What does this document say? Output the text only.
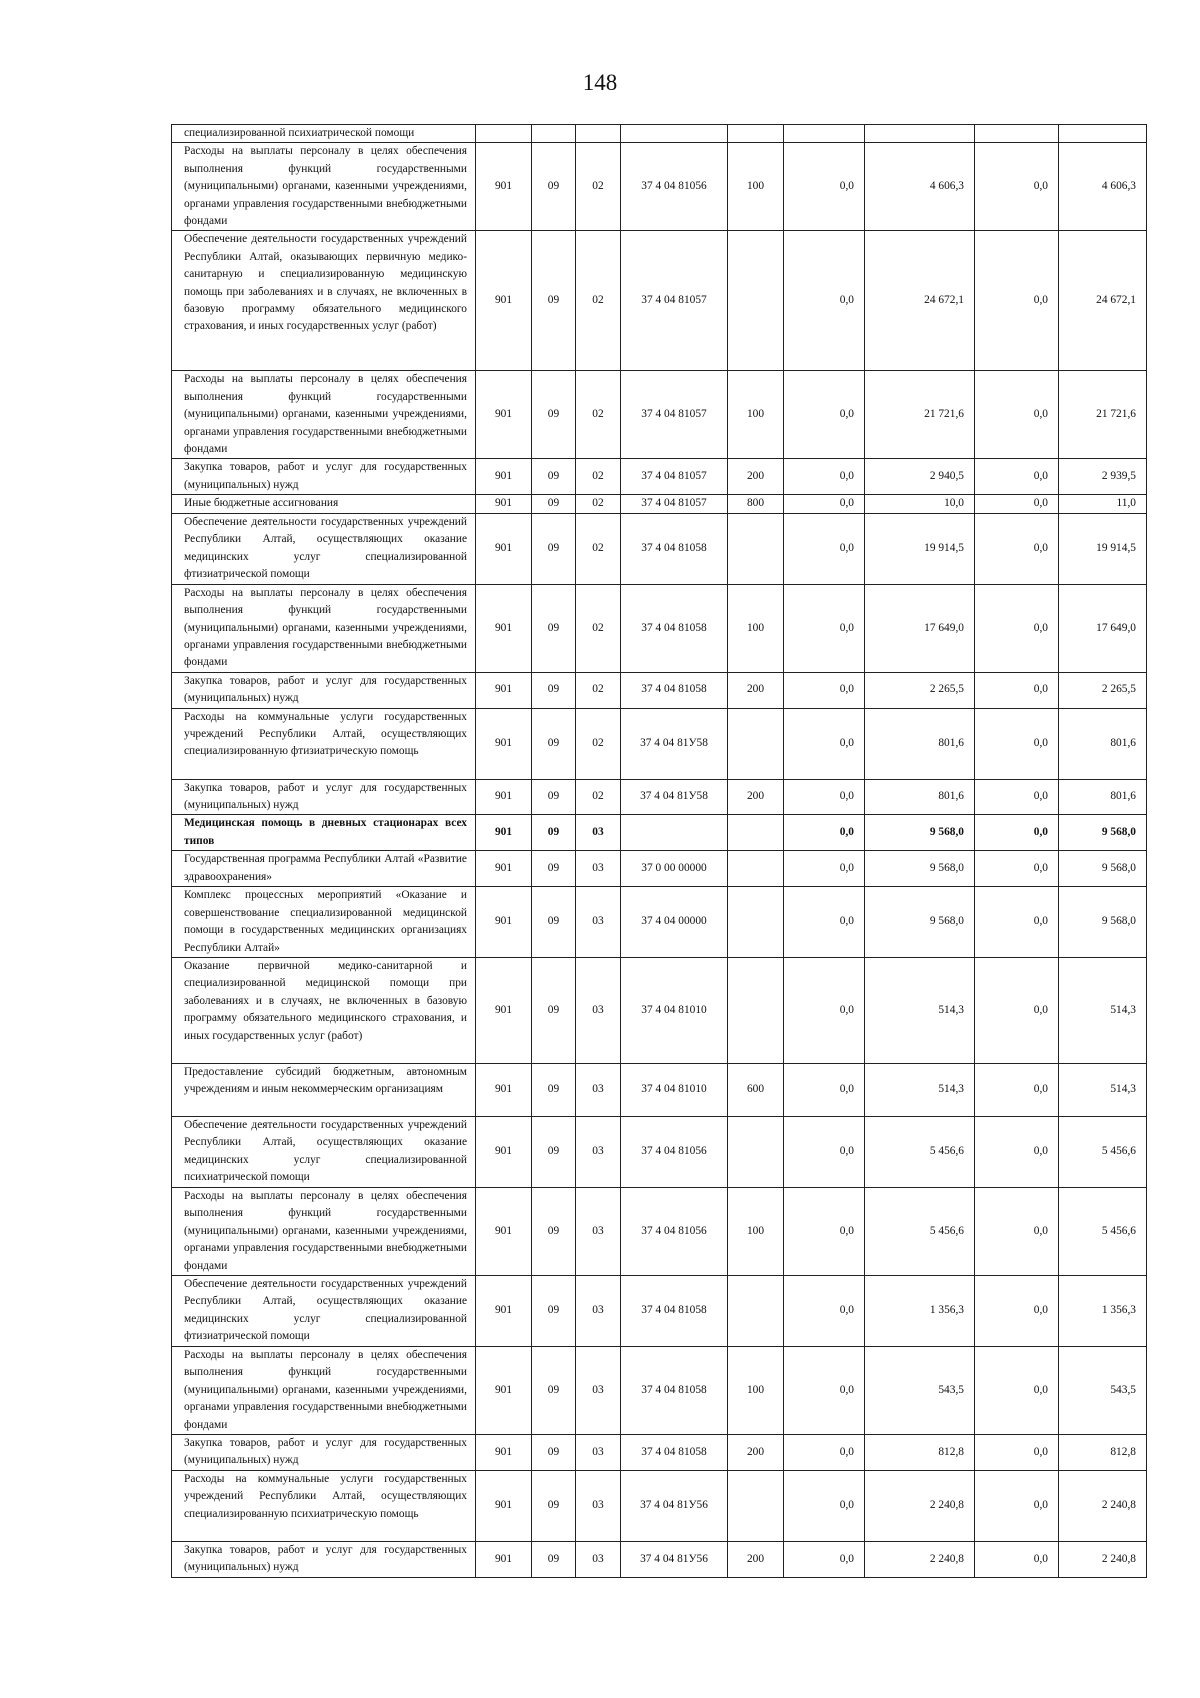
148
специализированной психиатрической помощи									
Расходы на выплаты персоналу в целях обеспечения выполнения функций государственными (муниципальными) органами, казенными учреждениями, органами управления государственными внебюджетными фондами	901	09	02	37 4 04 81056	100	0,0	4 606,3	0,0	4 606,3
Обеспечение деятельности государственных учреждений Республики Алтай, оказывающих первичную медико-санитарную и специализированную медицинскую помощь при заболеваниях и в случаях, не включенных в базовую программу обязательного медицинского страхования, и иных государственных услуг (работ)	901	09	02	37 4 04 81057		0,0	24 672,1	0,0	24 672,1
Расходы на выплаты персоналу в целях обеспечения выполнения функций государственными (муниципальными) органами, казенными учреждениями, органами управления государственными внебюджетными фондами	901	09	02	37 4 04 81057	100	0,0	21 721,6	0,0	21 721,6
Закупка товаров, работ и услуг для государственных (муниципальных) нужд	901	09	02	37 4 04 81057	200	0,0	2 940,5	0,0	2 939,5
Иные бюджетные ассигнования	901	09	02	37 4 04 81057	800	0,0	10,0	0,0	11,0
Обеспечение деятельности государственных учреждений Республики Алтай, осуществляющих оказание медицинских услуг специализированной фтизиатрической помощи	901	09	02	37 4 04 81058		0,0	19 914,5	0,0	19 914,5
Расходы на выплаты персоналу в целях обеспечения выполнения функций государственными (муниципальными) органами, казенными учреждениями, органами управления государственными внебюджетными фондами	901	09	02	37 4 04 81058	100	0,0	17 649,0	0,0	17 649,0
Закупка товаров, работ и услуг для государственных (муниципальных) нужд	901	09	02	37 4 04 81058	200	0,0	2 265,5	0,0	2 265,5
Расходы на коммунальные услуги государственных учреждений Республики Алтай, осуществляющих специализированную фтизиатрическую помощь	901	09	02	37 4 04 81У58		0,0	801,6	0,0	801,6
Закупка товаров, работ и услуг для государственных (муниципальных) нужд	901	09	02	37 4 04 81У58	200	0,0	801,6	0,0	801,6
Медицинская помощь в дневных стационарах всех типов	901	09	03			0,0	9 568,0	0,0	9 568,0
Государственная программа Республики Алтай «Развитие здравоохранения»	901	09	03	37 0 00 00000		0,0	9 568,0	0,0	9 568,0
Комплекс процессных мероприятий «Оказание и совершенствование специализированной медицинской помощи в государственных медицинских организациях Республики Алтай»	901	09	03	37 4 04 00000		0,0	9 568,0	0,0	9 568,0
Оказание первичной медико-санитарной и специализированной медицинской помощи при заболеваниях и в случаях, не включенных в базовую программу обязательного медицинского страхования, и иных государственных услуг (работ)	901	09	03	37 4 04 81010		0,0	514,3	0,0	514,3
Предоставление субсидий бюджетным, автономным учреждениям и иным некоммерческим организациям	901	09	03	37 4 04 81010	600	0,0	514,3	0,0	514,3
Обеспечение деятельности государственных учреждений Республики Алтай, осуществляющих оказание медицинских услуг специализированной психиатрической помощи	901	09	03	37 4 04 81056		0,0	5 456,6	0,0	5 456,6
Расходы на выплаты персоналу в целях обеспечения выполнения функций государственными (муниципальными) органами, казенными учреждениями, органами управления государственными внебюджетными фондами	901	09	03	37 4 04 81056	100	0,0	5 456,6	0,0	5 456,6
Обеспечение деятельности государственных учреждений Республики Алтай, осуществляющих оказание медицинских услуг специализированной фтизиатрической помощи	901	09	03	37 4 04 81058		0,0	1 356,3	0,0	1 356,3
Расходы на выплаты персоналу в целях обеспечения выполнения функций государственными (муниципальными) органами, казенными учреждениями, органами управления государственными внебюджетными фондами	901	09	03	37 4 04 81058	100	0,0	543,5	0,0	543,5
Закупка товаров, работ и услуг для государственных (муниципальных) нужд	901	09	03	37 4 04 81058	200	0,0	812,8	0,0	812,8
Расходы на коммунальные услуги государственных учреждений Республики Алтай, осуществляющих специализированную психиатрическую помощь	901	09	03	37 4 04 81У56		0,0	2 240,8	0,0	2 240,8
Закупка товаров, работ и услуг для государственных (муниципальных) нужд	901	09	03	37 4 04 81У56	200	0,0	2 240,8	0,0	2 240,8
